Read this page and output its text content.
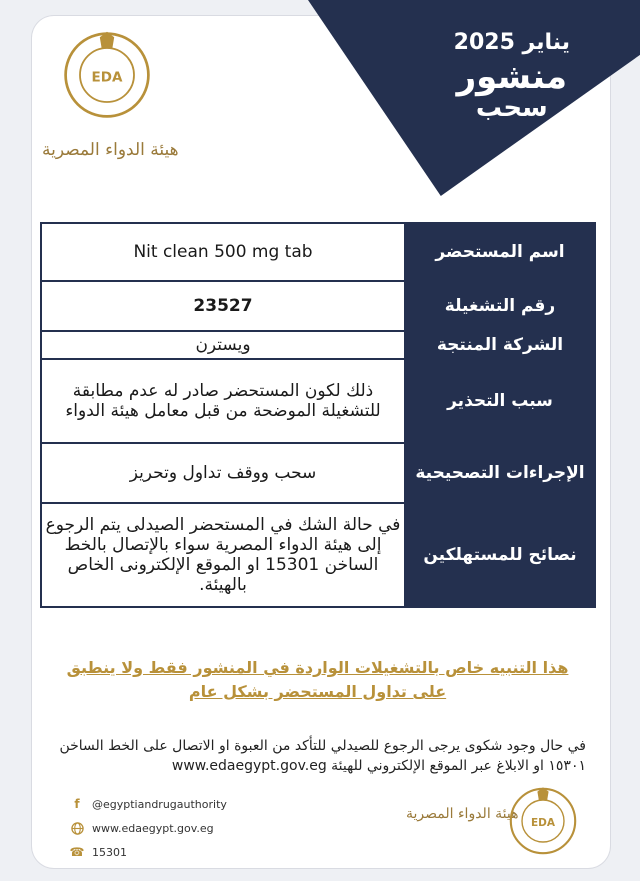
يناير 2025
منشور
سحب
EDA
هيئة الدواء المصرية
Nit clean 500 mg tab	اسم المستحضر
23527	رقم التشغيلة
ويسترن	الشركة المنتجة
ذلك لكون المستحضر صادر له عدم مطابقة للتشغيلة الموضحة من قبل معامل هيئة الدواء	سبب التحذير
سحب ووقف تداول وتحريز	الإجراءات التصحيحية
في حالة الشك في المستحضر الصيدلى يتم الرجوع إلى هيئة الدواء المصرية سواء بالإتصال بالخط الساخن 15301 او الموقع الإلكترونى الخاص بالهيئة.	نصائح للمستهلكين
هذا التنبيه خاص بالتشغيلات الواردة في المنشور فقط ولا ينطبق على تداول المستحضر بشكل عام
في حال وجود شكوى يرجى الرجوع للصيدلي للتأكد من العبوة او الاتصال على الخط الساخن ١٥٣٠١ او الابلاغ عبر الموقع الإلكتروني للهيئة www.edaegypt.gov.eg
f	@egyptiandrugauthority
www.edaegypt.gov.eg
☎ 15301
هيئة الدواء المصرية
EDA
